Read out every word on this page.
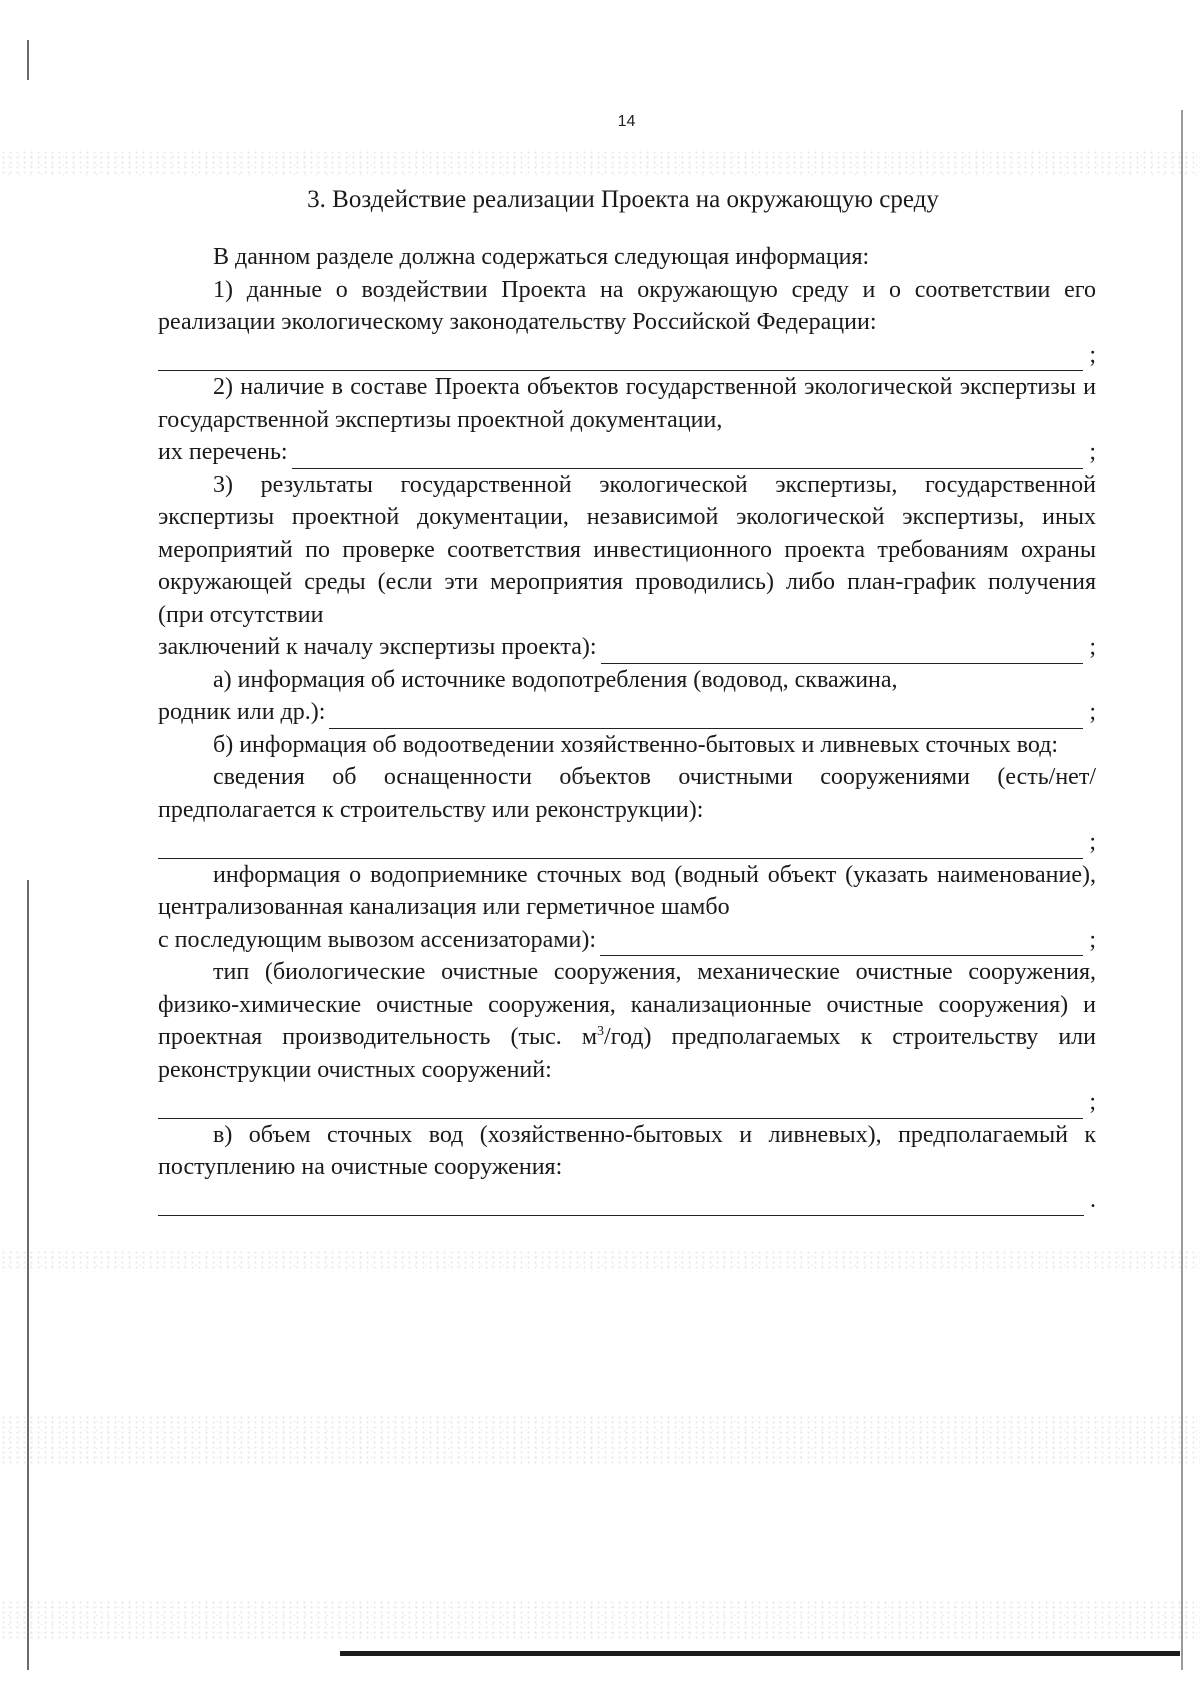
14
3. Воздействие реализации Проекта на окружающую среду

В данном разделе должна содержаться следующая информация:

1) данные о воздействии Проекта на окружающую среду и о соответствии его реализации экологическому законодательству Российской Федерации:

;

2) наличие в составе Проекта объектов государственной экологической экспертизы и государственной экспертизы проектной документации,

их перечень:	;

3) результаты государственной экологической экспертизы, государственной экспертизы проектной документации, независимой экологической экспертизы, иных мероприятий по проверке соответствия инвестиционного проекта требованиям охраны окружающей среды (если эти мероприятия проводились) либо план-график получения (при отсутствии

заключений к началу экспертизы проекта):	;

а) информация об источнике водопотребления (водовод, скважина,

родник или др.):	;

б) информация об водоотведении хозяйственно-бытовых и ливневых сточных вод:

сведения об оснащенности объектов очистными сооружениями (есть/нет/предполагается к строительству или реконструкции):

;

информация о водоприемнике сточных вод (водный объект (указать наименование), централизованная канализация или герметичное шамбо

с последующим вывозом ассенизаторами):	;

тип (биологические очистные сооружения, механические очистные сооружения, физико-химические очистные сооружения, канализационные очистные сооружения) и проектная производительность (тыс. $м^3/год$) предполагаемых к строительству или реконструкции очистных сооружений:

;

в) объем сточных вод (хозяйственно-бытовых и ливневых), предполагаемый к поступлению на очистные сооружения:

.
